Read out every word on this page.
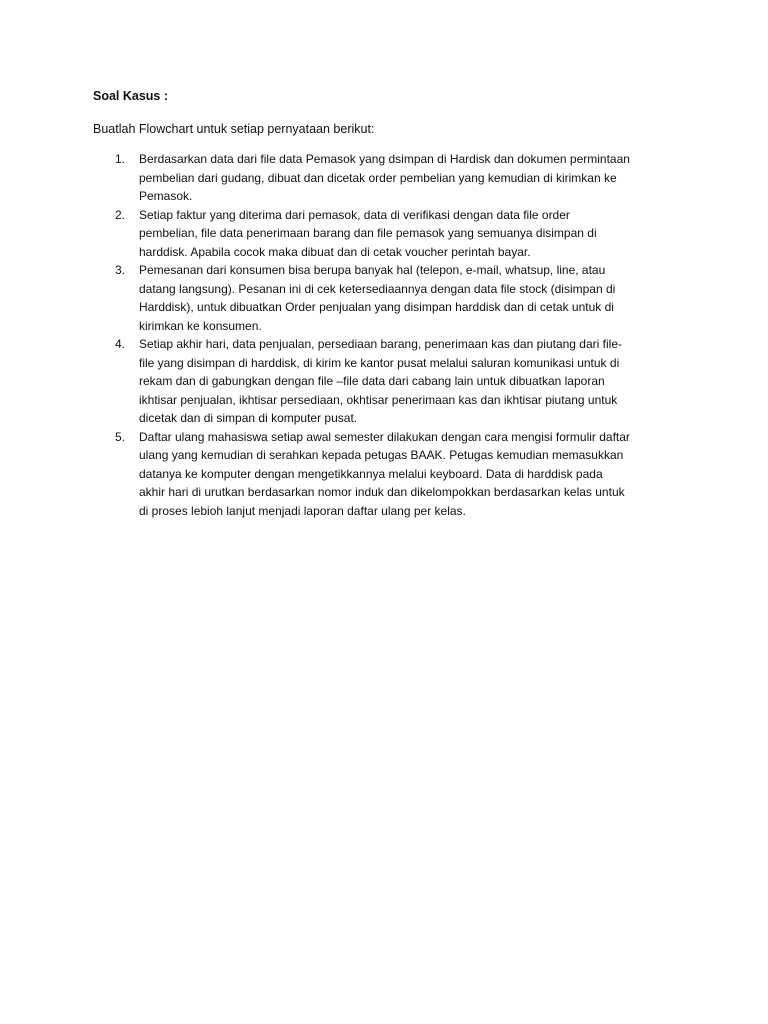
Soal Kasus :
Buatlah Flowchart untuk setiap pernyataan berikut:
1. Berdasarkan data dari file data Pemasok yang dsimpan di Hardisk dan dokumen permintaan
pembelian dari gudang, dibuat dan dicetak order pembelian yang kemudian di kirimkan ke
Pemasok.
2. Setiap faktur yang diterima dari pemasok, data di verifikasi dengan data file order
pembelian, file data penerimaan barang dan file pemasok yang semuanya disimpan di
harddisk. Apabila cocok maka dibuat dan di cetak voucher perintah bayar.
3. Pemesanan dari konsumen bisa berupa banyak hal (telepon, e-mail, whatsup, line, atau
datang langsung). Pesanan ini di cek ketersediaannya dengan data file stock (disimpan di
Harddisk), untuk dibuatkan Order penjualan yang disimpan harddisk dan di cetak untuk di
kirimkan ke konsumen.
4. Setiap akhir hari, data penjualan, persediaan barang, penerimaan kas dan piutang dari file-
file yang disimpan di harddisk, di kirim ke kantor pusat melalui saluran komunikasi untuk di
rekam dan di gabungkan dengan file –file data dari cabang lain untuk dibuatkan laporan
ikhtisar penjualan, ikhtisar persediaan, okhtisar penerimaan kas dan ikhtisar piutang untuk
dicetak dan di simpan di komputer pusat.
5. Daftar ulang mahasiswa setiap awal semester dilakukan dengan cara mengisi formulir daftar
ulang yang kemudian di serahkan kepada petugas BAAK. Petugas kemudian memasukkan
datanya ke komputer dengan mengetikkannya melalui keyboard. Data di harddisk pada
akhir hari di urutkan berdasarkan nomor induk dan dikelompokkan berdasarkan kelas untuk
di proses lebioh lanjut menjadi laporan daftar ulang per kelas.
